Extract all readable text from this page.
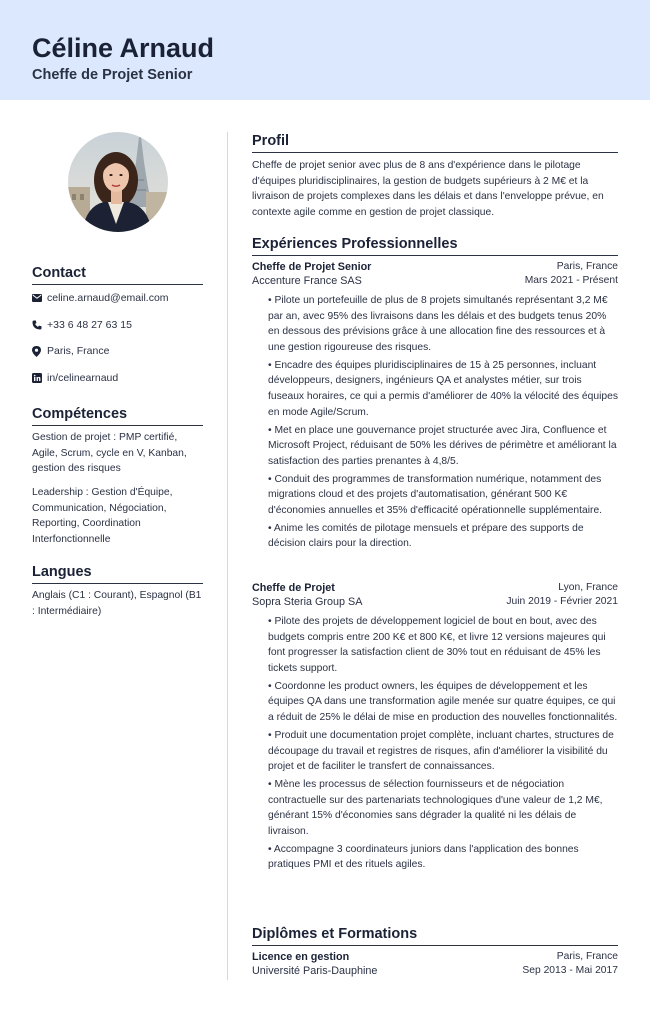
Céline Arnaud
Cheffe de Projet Senior
Contact
celine.arnaud@email.com
+33 6 48 27 63 15
Paris, France
in/celinearnaud
Compétences
Gestion de projet : PMP certifié, Agile, Scrum, cycle en V, Kanban, gestion des risques
Leadership : Gestion d'Équipe, Communication, Négociation, Reporting, Coordination Interfonctionnelle
Langues
Anglais (C1 : Courant), Espagnol (B1 : Intermédiaire)
Profil
Cheffe de projet senior avec plus de 8 ans d'expérience dans le pilotage d'équipes pluridisciplinaires, la gestion de budgets supérieurs à 2 M€ et la livraison de projets complexes dans les délais et dans l'enveloppe prévue, en contexte agile comme en gestion de projet classique.
Expériences Professionnelles
Cheffe de Projet Senior	Paris, France
Accenture France SAS	Mars 2021 - Présent
• Pilote un portefeuille de plus de 8 projets simultanés représentant 3,2 M€ par an, avec 95% des livraisons dans les délais et des budgets tenus 20% en dessous des prévisions grâce à une allocation fine des ressources et à une gestion rigoureuse des risques.
• Encadre des équipes pluridisciplinaires de 15 à 25 personnes, incluant développeurs, designers, ingénieurs QA et analystes métier, sur trois fuseaux horaires, ce qui a permis d'améliorer de 40% la vélocité des équipes en mode Agile/Scrum.
• Met en place une gouvernance projet structurée avec Jira, Confluence et Microsoft Project, réduisant de 50% les dérives de périmètre et améliorant la satisfaction des parties prenantes à 4,8/5.
• Conduit des programmes de transformation numérique, notamment des migrations cloud et des projets d'automatisation, générant 500 K€ d'économies annuelles et 35% d'efficacité opérationnelle supplémentaire.
• Anime les comités de pilotage mensuels et prépare des supports de décision clairs pour la direction.
Cheffe de Projet	Lyon, France
Sopra Steria Group SA	Juin 2019 - Février 2021
• Pilote des projets de développement logiciel de bout en bout, avec des budgets compris entre 200 K€ et 800 K€, et livre 12 versions majeures qui font progresser la satisfaction client de 30% tout en réduisant de 45% les tickets support.
• Coordonne les product owners, les équipes de développement et les équipes QA dans une transformation agile menée sur quatre équipes, ce qui a réduit de 25% le délai de mise en production des nouvelles fonctionnalités.
• Produit une documentation projet complète, incluant chartes, structures de découpage du travail et registres de risques, afin d'améliorer la visibilité du projet et de faciliter le transfert de connaissances.
• Mène les processus de sélection fournisseurs et de négociation contractuelle sur des partenariats technologiques d'une valeur de 1,2 M€, générant 15% d'économies sans dégrader la qualité ni les délais de livraison.
• Accompagne 3 coordinateurs juniors dans l'application des bonnes pratiques PMI et des rituels agiles.
Diplômes et Formations
Licence en gestion	Paris, France
Université Paris-Dauphine	Sep 2013 - Mai 2017
